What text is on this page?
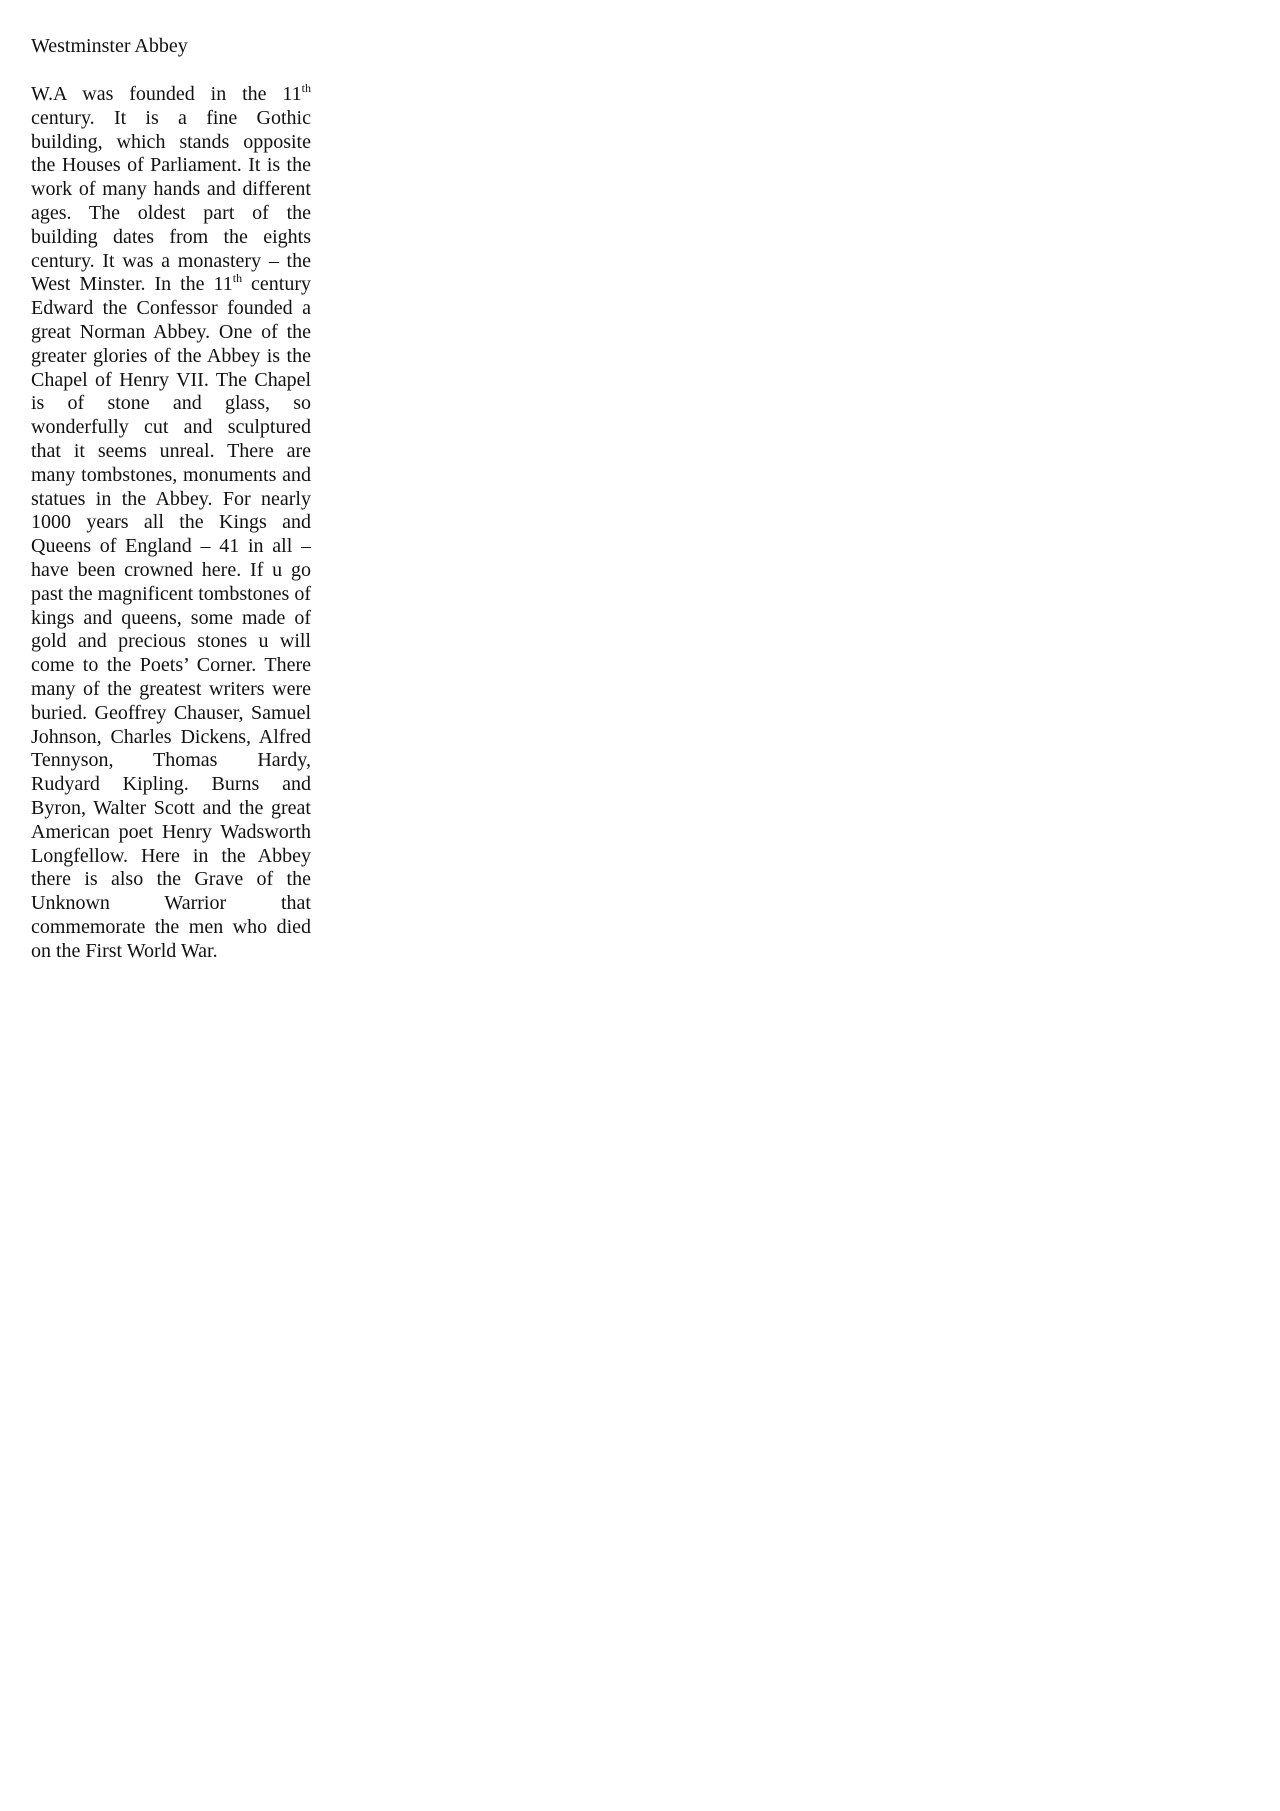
Westminster Abbey

W.A was founded in the 11th century. It is a fine Gothic building, which stands opposite the Houses of Parliament. It is the work of many hands and different ages. The oldest part of the building dates from the eights century. It was a monastery – the West Minster. In the 11th century Edward the Confessor founded a great Norman Abbey. One of the greater glories of the Abbey is the Chapel of Henry VII. The Chapel is of stone and glass, so wonderfully cut and sculptured that it seems unreal. There are many tombstones, monuments and statues in the Abbey. For nearly 1000 years all the Kings and Queens of England – 41 in all – have been crowned here. If u go past the magnificent tombstones of kings and queens, some made of gold and precious stones u will come to the Poets’ Corner. There many of the greatest writers were buried. Geoffrey Chauser, Samuel Johnson, Charles Dickens, Alfred Tennyson, Thomas Hardy, Rudyard Kipling. Burns and Byron, Walter Scott and the great American poet Henry Wadsworth Longfellow. Here in the Abbey there is also the Grave of the Unknown Warrior that commemorate the men who died on the First World War.
